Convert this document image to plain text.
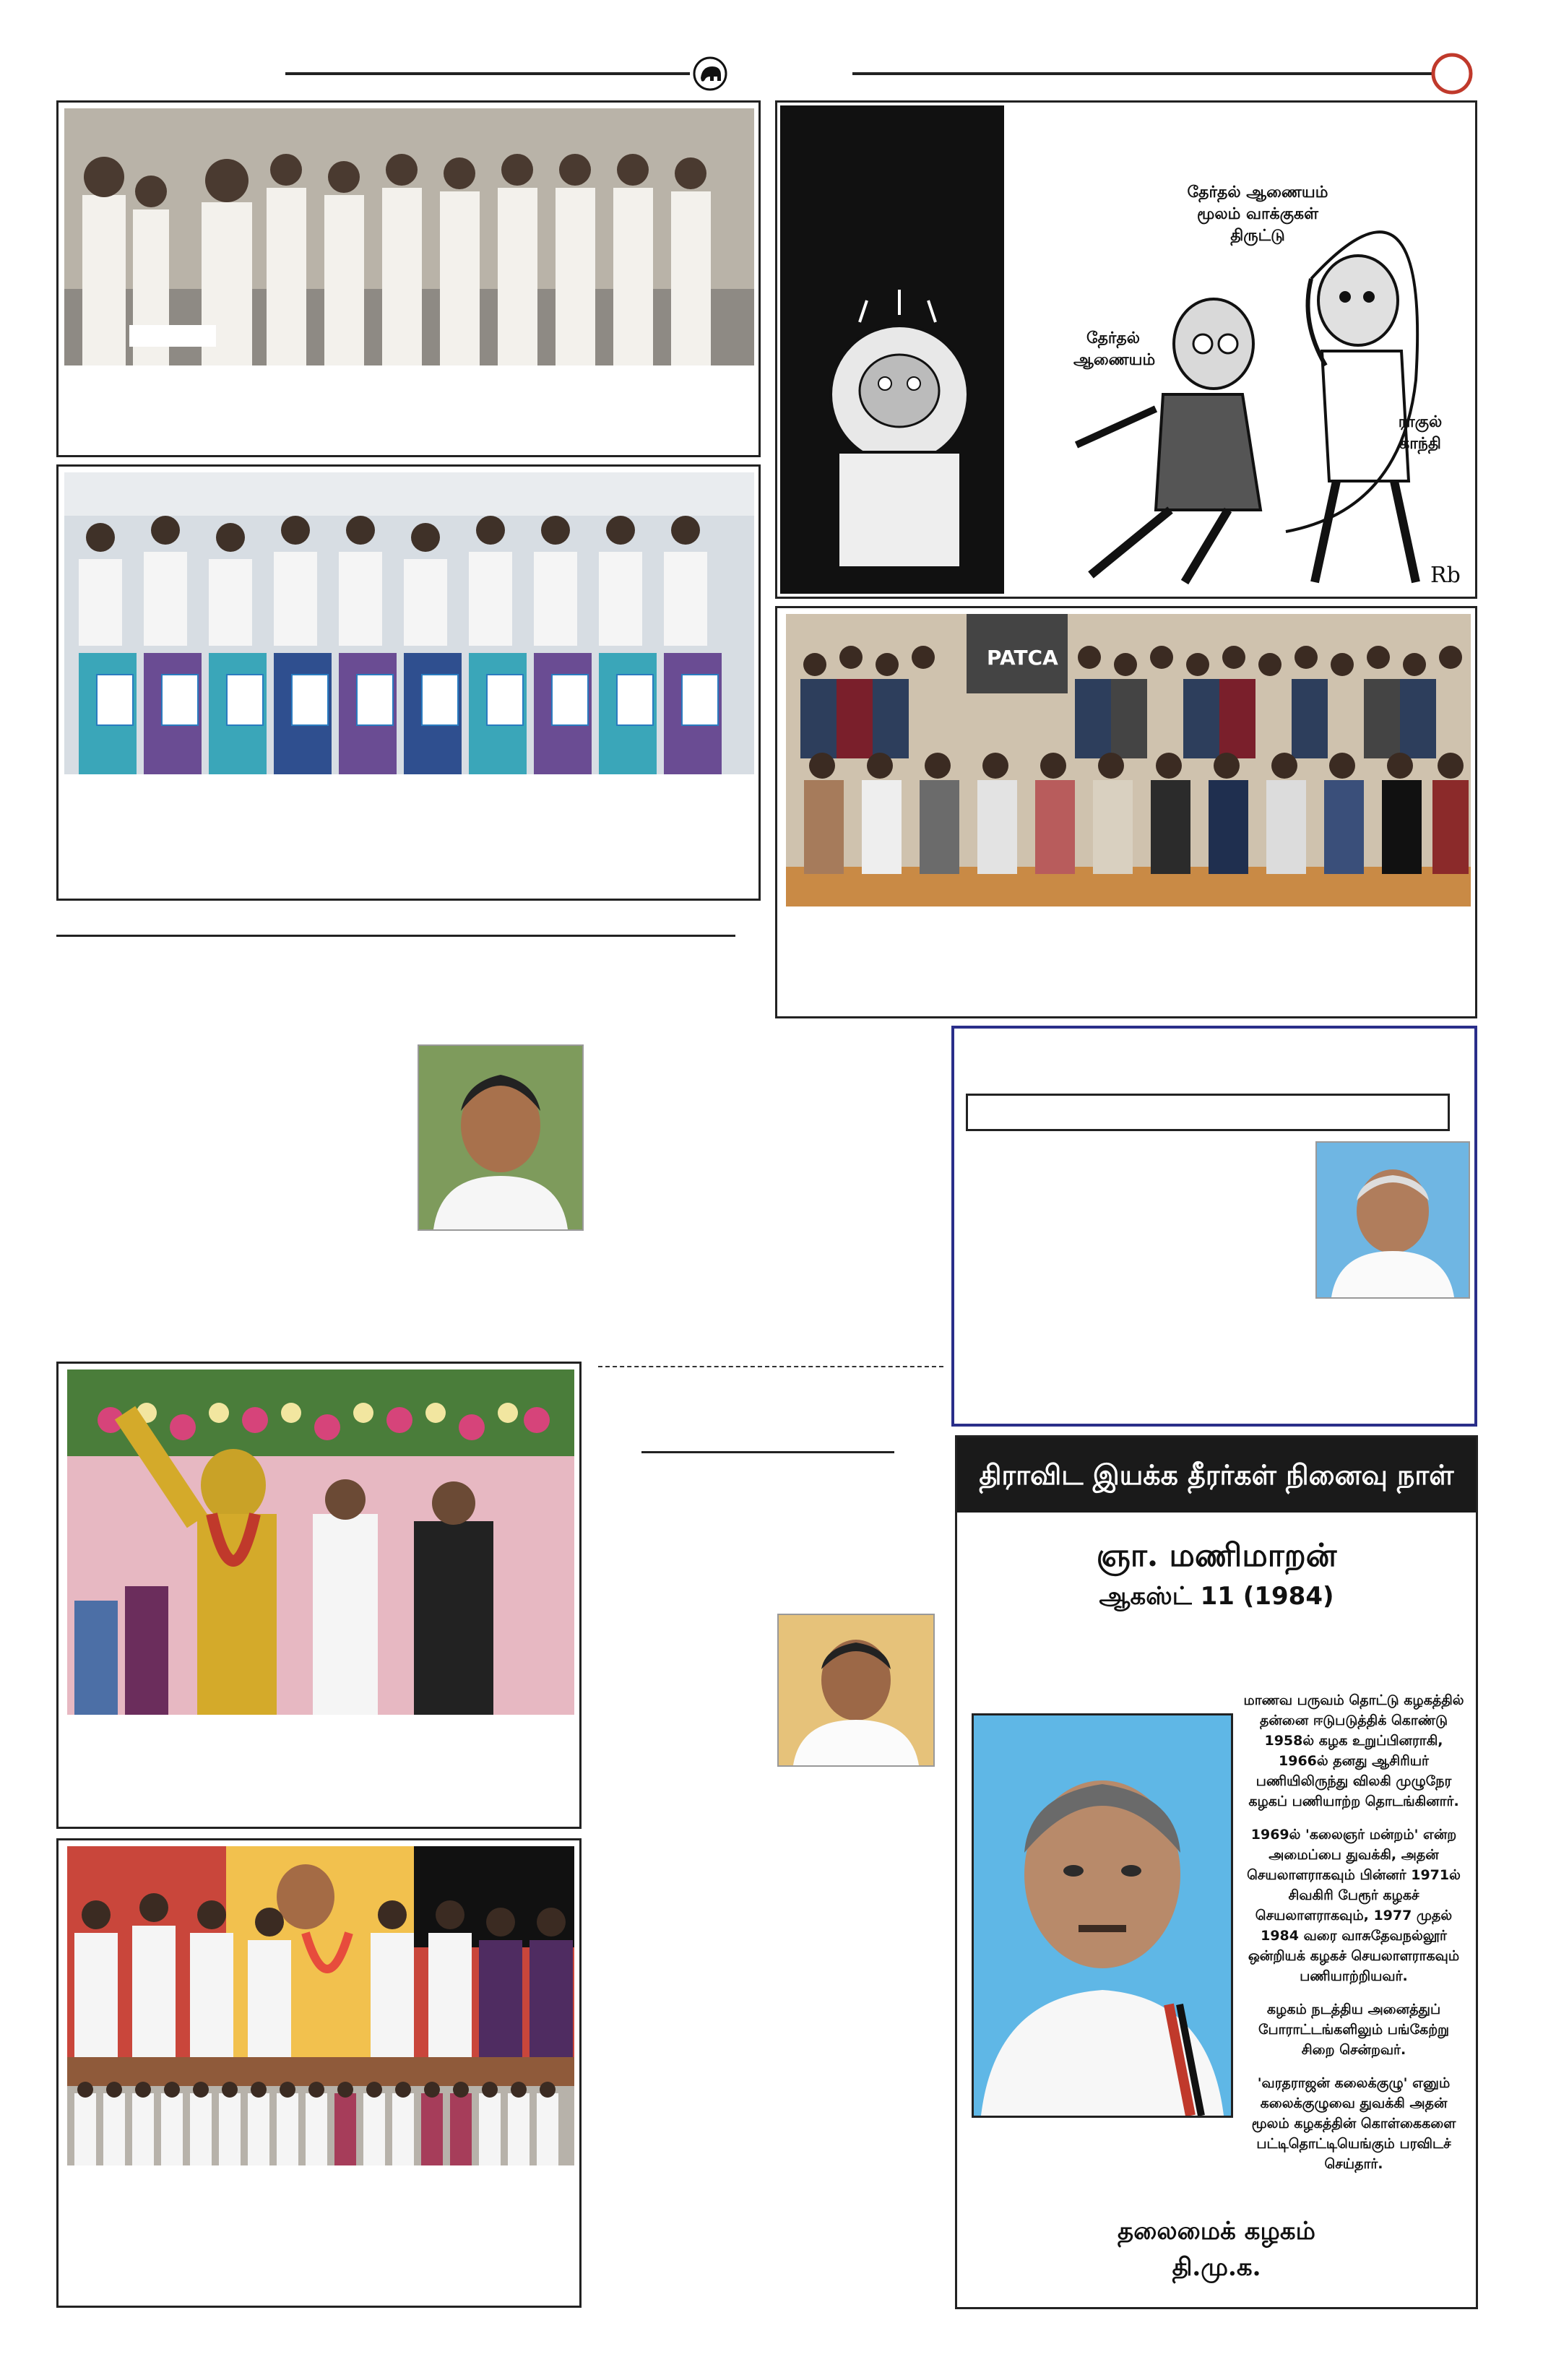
Rb
தேர்தல் ஆணையம் மூலம் வாக்குகள் திருட்டு
தேர்தல் ஆணையம்
ராகுல் காந்தி
PATCA
திராவிட இயக்க தீரர்கள் நினைவு நாள்
ஞா. மணிமாறன்
ஆகஸ்ட் 11 (1984)

மாணவ பருவம் தொட்டு கழகத்தில் தன்னை ஈடுபடுத்திக் கொண்டு 1958ல் கழக உறுப்பினராகி, 1966ல் தனது ஆசிரியர் பணியிலிருந்து விலகி முழுநேர கழகப் பணியாற்ற தொடங்கினார்.

1969ல் 'கலைஞர் மன்றம்' என்ற அமைப்பை துவக்கி, அதன் செயலாளராகவும் பின்னர் 1971ல் சிவகிரி பேரூர் கழகச் செயலாளராகவும், 1977 முதல் 1984 வரை வாசுதேவநல்லூர் ஒன்றியக் கழகச் செயலாளராகவும் பணியாற்றியவர்.

கழகம் நடத்திய அனைத்துப் போராட்டங்களிலும் பங்கேற்று சிறை சென்றவர்.

'வரதராஜன் கலைக்குழு' எனும் கலைக்குழுவை துவக்கி அதன் மூலம் கழகத்தின் கொள்கைகளை பட்டிதொட்டியெங்கும் பரவிடச் செய்தார்.

தலைமைக் கழகம்
தி.மு.க.
